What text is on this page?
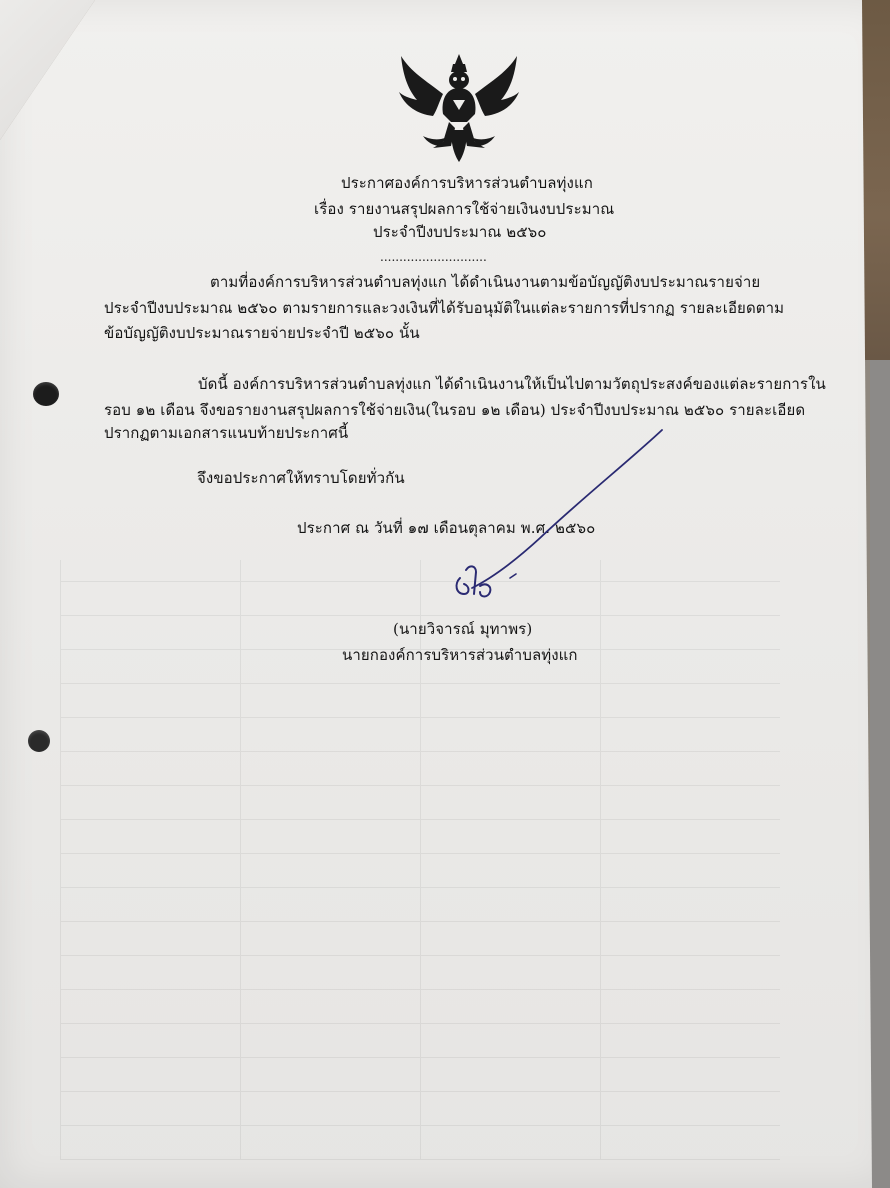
ประกาศองค์การบริหารส่วนตำบลทุ่งแก
เรื่อง รายงานสรุปผลการใช้จ่ายเงินงบประมาณ
ประจำปีงบประมาณ ๒๕๖๐
............................
ตามที่องค์การบริหารส่วนตำบลทุ่งแก ได้ดำเนินงานตามข้อบัญญัติงบประมาณรายจ่าย
ประจำปีงบประมาณ ๒๕๖๐ ตามรายการและวงเงินที่ได้รับอนุมัติในแต่ละรายการที่ปรากฏ รายละเอียดตาม
ข้อบัญญัติงบประมาณรายจ่ายประจำปี ๒๕๖๐ นั้น
บัดนี้ องค์การบริหารส่วนตำบลทุ่งแก ได้ดำเนินงานให้เป็นไปตามวัตถุประสงค์ของแต่ละรายการใน
รอบ ๑๒ เดือน จึงขอรายงานสรุปผลการใช้จ่ายเงิน(ในรอบ ๑๒ เดือน) ประจำปีงบประมาณ ๒๕๖๐ รายละเอียด
ปรากฏตามเอกสารแนบท้ายประกาศนี้
จึงขอประกาศให้ทราบโดยทั่วกัน
ประกาศ ณ วันที่ ๑๗ เดือนตุลาคม พ.ศ. ๒๕๖๐
(นายวิจารณ์ มุทาพร)
นายกองค์การบริหารส่วนตำบลทุ่งแก
